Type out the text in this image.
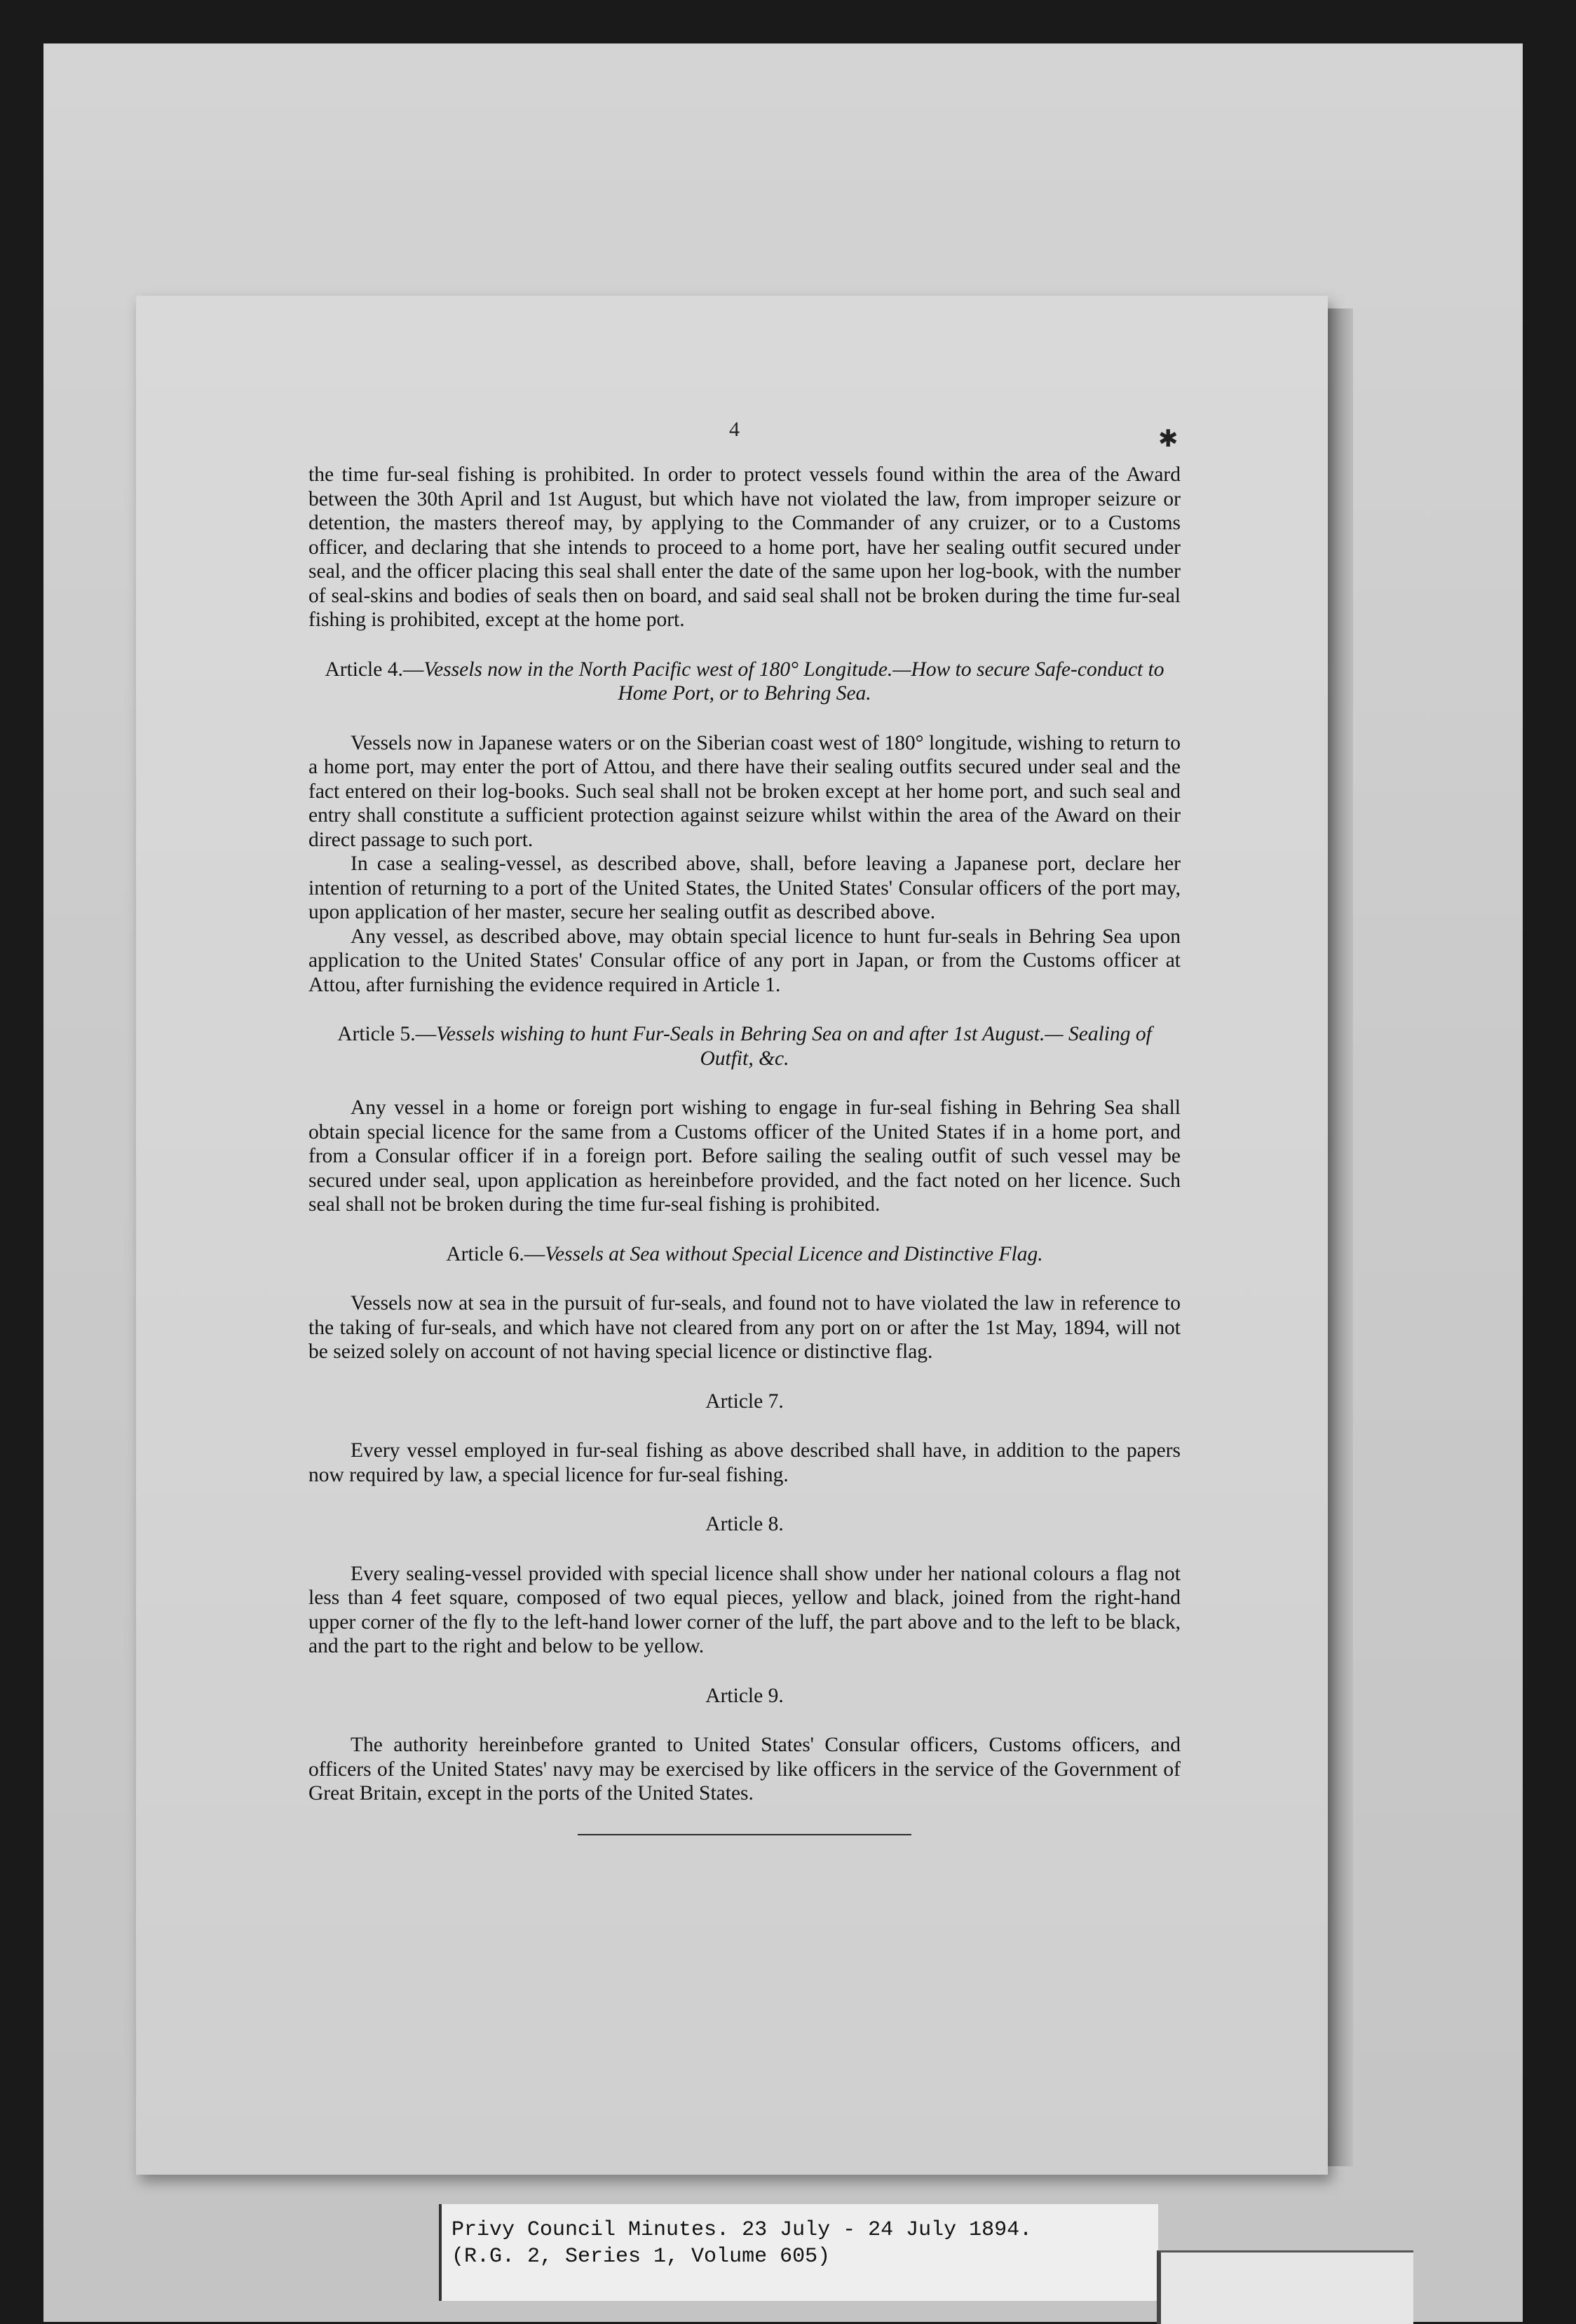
4	✱

the time fur-seal fishing is prohibited. In order to protect vessels found within the area of the Award between the 30th April and 1st August, but which have not violated the law, from improper seizure or detention, the masters thereof may, by applying to the Commander of any cruizer, or to a Customs officer, and declaring that she intends to proceed to a home port, have her sealing outfit secured under seal, and the officer placing this seal shall enter the date of the same upon her log-book, with the number of seal-skins and bodies of seals then on board, and said seal shall not be broken during the time fur-seal fishing is prohibited, except at the home port.

Article 4.—Vessels now in the North Pacific west of 180° Longitude.—How to secure Safe-conduct to Home Port, or to Behring Sea.

Vessels now in Japanese waters or on the Siberian coast west of 180° longitude, wishing to return to a home port, may enter the port of Attou, and there have their sealing outfits secured under seal and the fact entered on their log-books. Such seal shall not be broken except at her home port, and such seal and entry shall constitute a sufficient protection against seizure whilst within the area of the Award on their direct passage to such port.

In case a sealing-vessel, as described above, shall, before leaving a Japanese port, declare her intention of returning to a port of the United States, the United States' Consular officers of the port may, upon application of her master, secure her sealing outfit as described above.

Any vessel, as described above, may obtain special licence to hunt fur-seals in Behring Sea upon application to the United States' Consular office of any port in Japan, or from the Customs officer at Attou, after furnishing the evidence required in Article 1.

Article 5.—Vessels wishing to hunt Fur-Seals in Behring Sea on and after 1st August.— Sealing of Outfit, &c.

Any vessel in a home or foreign port wishing to engage in fur-seal fishing in Behring Sea shall obtain special licence for the same from a Customs officer of the United States if in a home port, and from a Consular officer if in a foreign port. Before sailing the sealing outfit of such vessel may be secured under seal, upon application as hereinbefore provided, and the fact noted on her licence. Such seal shall not be broken during the time fur-seal fishing is prohibited.

Article 6.—Vessels at Sea without Special Licence and Distinctive Flag.

Vessels now at sea in the pursuit of fur-seals, and found not to have violated the law in reference to the taking of fur-seals, and which have not cleared from any port on or after the 1st May, 1894, will not be seized solely on account of not having special licence or distinctive flag.

Article 7.

Every vessel employed in fur-seal fishing as above described shall have, in addition to the papers now required by law, a special licence for fur-seal fishing.

Article 8.

Every sealing-vessel provided with special licence shall show under her national colours a flag not less than 4 feet square, composed of two equal pieces, yellow and black, joined from the right-hand upper corner of the fly to the left-hand lower corner of the luff, the part above and to the left to be black, and the part to the right and below to be yellow.

Article 9.

The authority hereinbefore granted to United States' Consular officers, Customs officers, and officers of the United States' navy may be exercised by like officers in the service of the Government of Great Britain, except in the ports of the United States.

Privy Council Minutes. 23 July - 24 July 1894.
(R.G. 2, Series 1, Volume 605)
